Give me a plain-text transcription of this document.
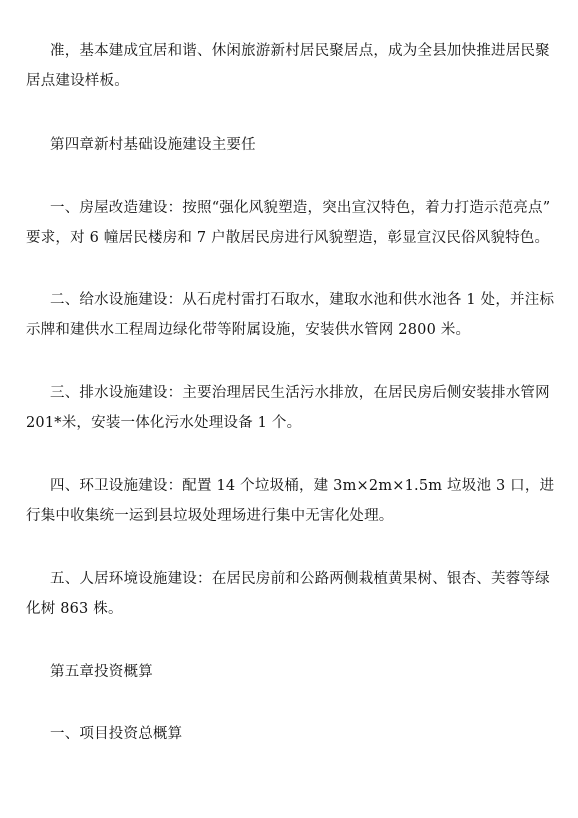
准，基本建成宜居和谐、休闲旅游新村居民聚居点，成为全县加快推进居民聚
居点建设样板。
第四章新村基础设施建设主要任
一、房屋改造建设：按照“强化风貌塑造，突出宣汉特色，着力打造示范亮点”
要求，对 6 幢居民楼房和 7 户散居民房进行风貌塑造，彰显宣汉民俗风貌特色。
二、给水设施建设：从石虎村雷打石取水，建取水池和供水池各 1 处，并注标
示牌和建供水工程周边绿化带等附属设施，安装供水管网 2800 米。
三、排水设施建设：主要治理居民生活污水排放，在居民房后侧安装排水管网
201*米，安装一体化污水处理设备 1 个。
四、环卫设施建设：配置 14 个垃圾桶，建 3m×2m×1.5m 垃圾池 3 口，进
行集中收集统一运到县垃圾处理场进行集中无害化处理。
五、人居环境设施建设：在居民房前和公路两侧栽植黄果树、银杏、芙蓉等绿
化树 863 株。
第五章投资概算
一、项目投资总概算
